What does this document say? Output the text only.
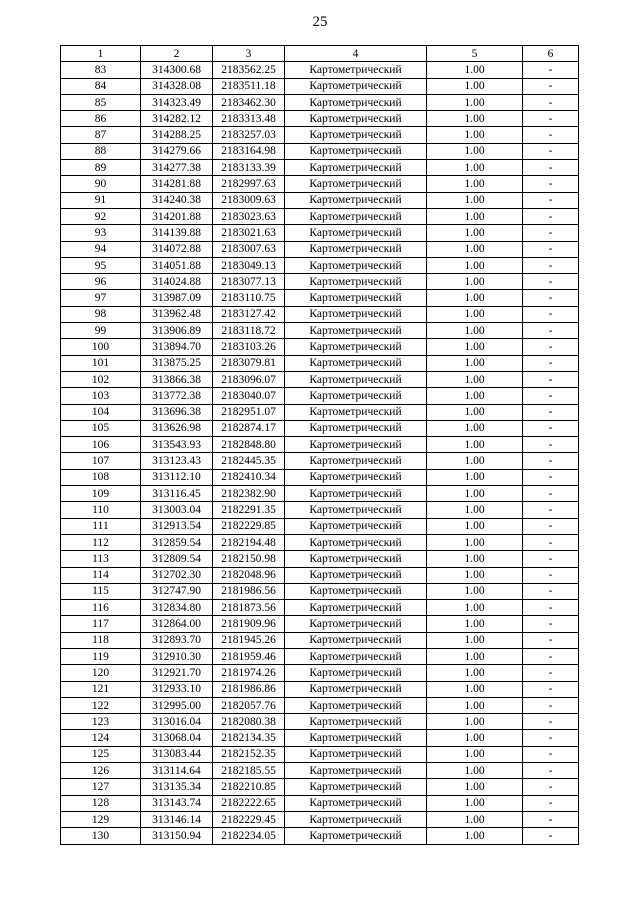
25
1	2	3	4	5	6
83	314300.68	2183562.25	Картометрический	1.00	-
84	314328.08	2183511.18	Картометрический	1.00	-
85	314323.49	2183462.30	Картометрический	1.00	-
86	314282.12	2183313.48	Картометрический	1.00	-
87	314288.25	2183257.03	Картометрический	1.00	-
88	314279.66	2183164.98	Картометрический	1.00	-
89	314277.38	2183133.39	Картометрический	1.00	-
90	314281.88	2182997.63	Картометрический	1.00	-
91	314240.38	2183009.63	Картометрический	1.00	-
92	314201.88	2183023.63	Картометрический	1.00	-
93	314139.88	2183021.63	Картометрический	1.00	-
94	314072.88	2183007.63	Картометрический	1.00	-
95	314051.88	2183049.13	Картометрический	1.00	-
96	314024.88	2183077.13	Картометрический	1.00	-
97	313987.09	2183110.75	Картометрический	1.00	-
98	313962.48	2183127.42	Картометрический	1.00	-
99	313906.89	2183118.72	Картометрический	1.00	-
100	313894.70	2183103.26	Картометрический	1.00	-
101	313875.25	2183079.81	Картометрический	1.00	-
102	313866.38	2183096.07	Картометрический	1.00	-
103	313772.38	2183040.07	Картометрический	1.00	-
104	313696.38	2182951.07	Картометрический	1.00	-
105	313626.98	2182874.17	Картометрический	1.00	-
106	313543.93	2182848.80	Картометрический	1.00	-
107	313123.43	2182445.35	Картометрический	1.00	-
108	313112.10	2182410.34	Картометрический	1.00	-
109	313116.45	2182382.90	Картометрический	1.00	-
110	313003.04	2182291.35	Картометрический	1.00	-
111	312913.54	2182229.85	Картометрический	1.00	-
112	312859.54	2182194.48	Картометрический	1.00	-
113	312809.54	2182150.98	Картометрический	1.00	-
114	312702.30	2182048.96	Картометрический	1.00	-
115	312747.90	2181986.56	Картометрический	1.00	-
116	312834.80	2181873.56	Картометрический	1.00	-
117	312864.00	2181909.96	Картометрический	1.00	-
118	312893.70	2181945.26	Картометрический	1.00	-
119	312910.30	2181959.46	Картометрический	1.00	-
120	312921.70	2181974.26	Картометрический	1.00	-
121	312933.10	2181986.86	Картометрический	1.00	-
122	312995.00	2182057.76	Картометрический	1.00	-
123	313016.04	2182080.38	Картометрический	1.00	-
124	313068.04	2182134.35	Картометрический	1.00	-
125	313083.44	2182152.35	Картометрический	1.00	-
126	313114.64	2182185.55	Картометрический	1.00	-
127	313135.34	2182210.85	Картометрический	1.00	-
128	313143.74	2182222.65	Картометрический	1.00	-
129	313146.14	2182229.45	Картометрический	1.00	-
130	313150.94	2182234.05	Картометрический	1.00	-
